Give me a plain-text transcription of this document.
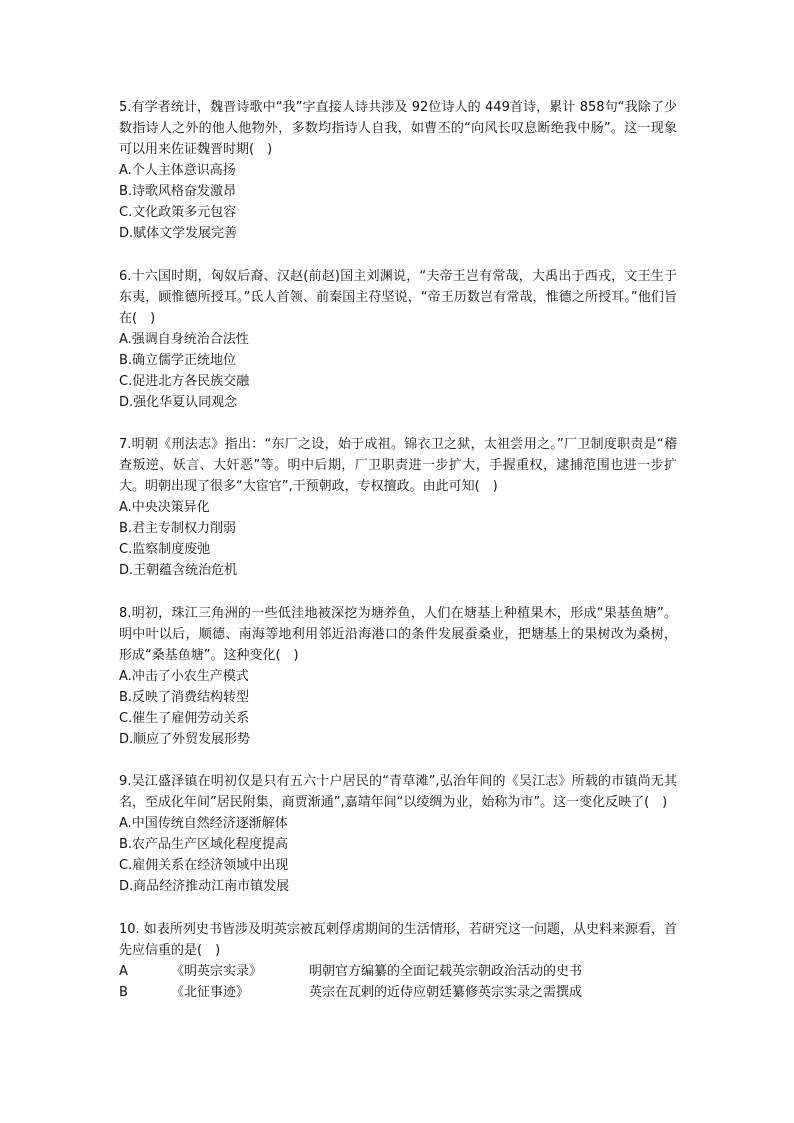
5.有学者统计，魏晋诗歌中“我”字直接人诗共涉及 92位诗人的 449首诗，累计 858句“我除了少数指诗人之外的他人他物外，多数均指诗人自我，如曹丕的“向风长叹息断绝我中肠”。这一现象可以用来佐证魏晋时期(　)

A.个人主体意识高扬

B.诗歌风格奋发激昂

C.文化政策多元包容

D.赋体文学发展完善

6.十六国时期，匈奴后裔、汉赵(前赵)国主刘渊说，“夫帝王岂有常哉，大禹出于西戎，文王生于东夷，顾惟德所授耳。”氐人首领、前秦国主苻坚说，“帝王历数岂有常哉，惟德之所授耳。”他们旨在(　)

A.强调自身统治合法性

B.确立儒学正统地位

C.促进北方各民族交融

D.强化华夏认同观念

7.明朝《刑法志》指出：“东厂之设，始于成祖。锦衣卫之狱，太祖尝用之。”厂卫制度职责是“稽查叛逆、妖言、大奸恶”等。明中后期，厂卫职责进一步扩大，手握重权，逮捕范围也进一步扩大。明朝出现了很多“大宦官”,干预朝政，专权擅政。由此可知(　)

A.中央决策异化

B.君主专制权力削弱

C.监察制度废弛

D.王朝蕴含统治危机

8.明初，珠江三角洲的一些低洼地被深挖为塘养鱼，人们在塘基上种植果木，形成“果基鱼塘”。明中叶以后，顺德、南海等地利用邻近沿海港口的条件发展蚕桑业，把塘基上的果树改为桑树，形成“桑基鱼塘”。这种变化(　)

A.冲击了小农生产模式

B.反映了消费结构转型

C.催生了雇佣劳动关系

D.顺应了外贸发展形势

9.吴江盛泽镇在明初仅是只有五六十户居民的“青草滩”,弘治年间的《吴江志》所载的市镇尚无其名，至成化年间”居民附集，商贾渐通”,嘉靖年间“以绫绸为业，始称为市”。这一变化反映了(　)

A.中国传统自然经济逐渐解体

B.农产品生产区域化程度提高

C.雇佣关系在经济领域中出现

D.商品经济推动江南市镇发展

10. 如表所列史书皆涉及明英宗被瓦剌俘虏期间的生活情形，若研究这一问题，从史料来源看，首先应信重的是(　)

A	《明英宗实录》	明朝官方编纂的全面记载英宗朝政治活动的史书
B	《北征事迹》	英宗在瓦剌的近侍应朝廷纂修英宗实录之需撰成
